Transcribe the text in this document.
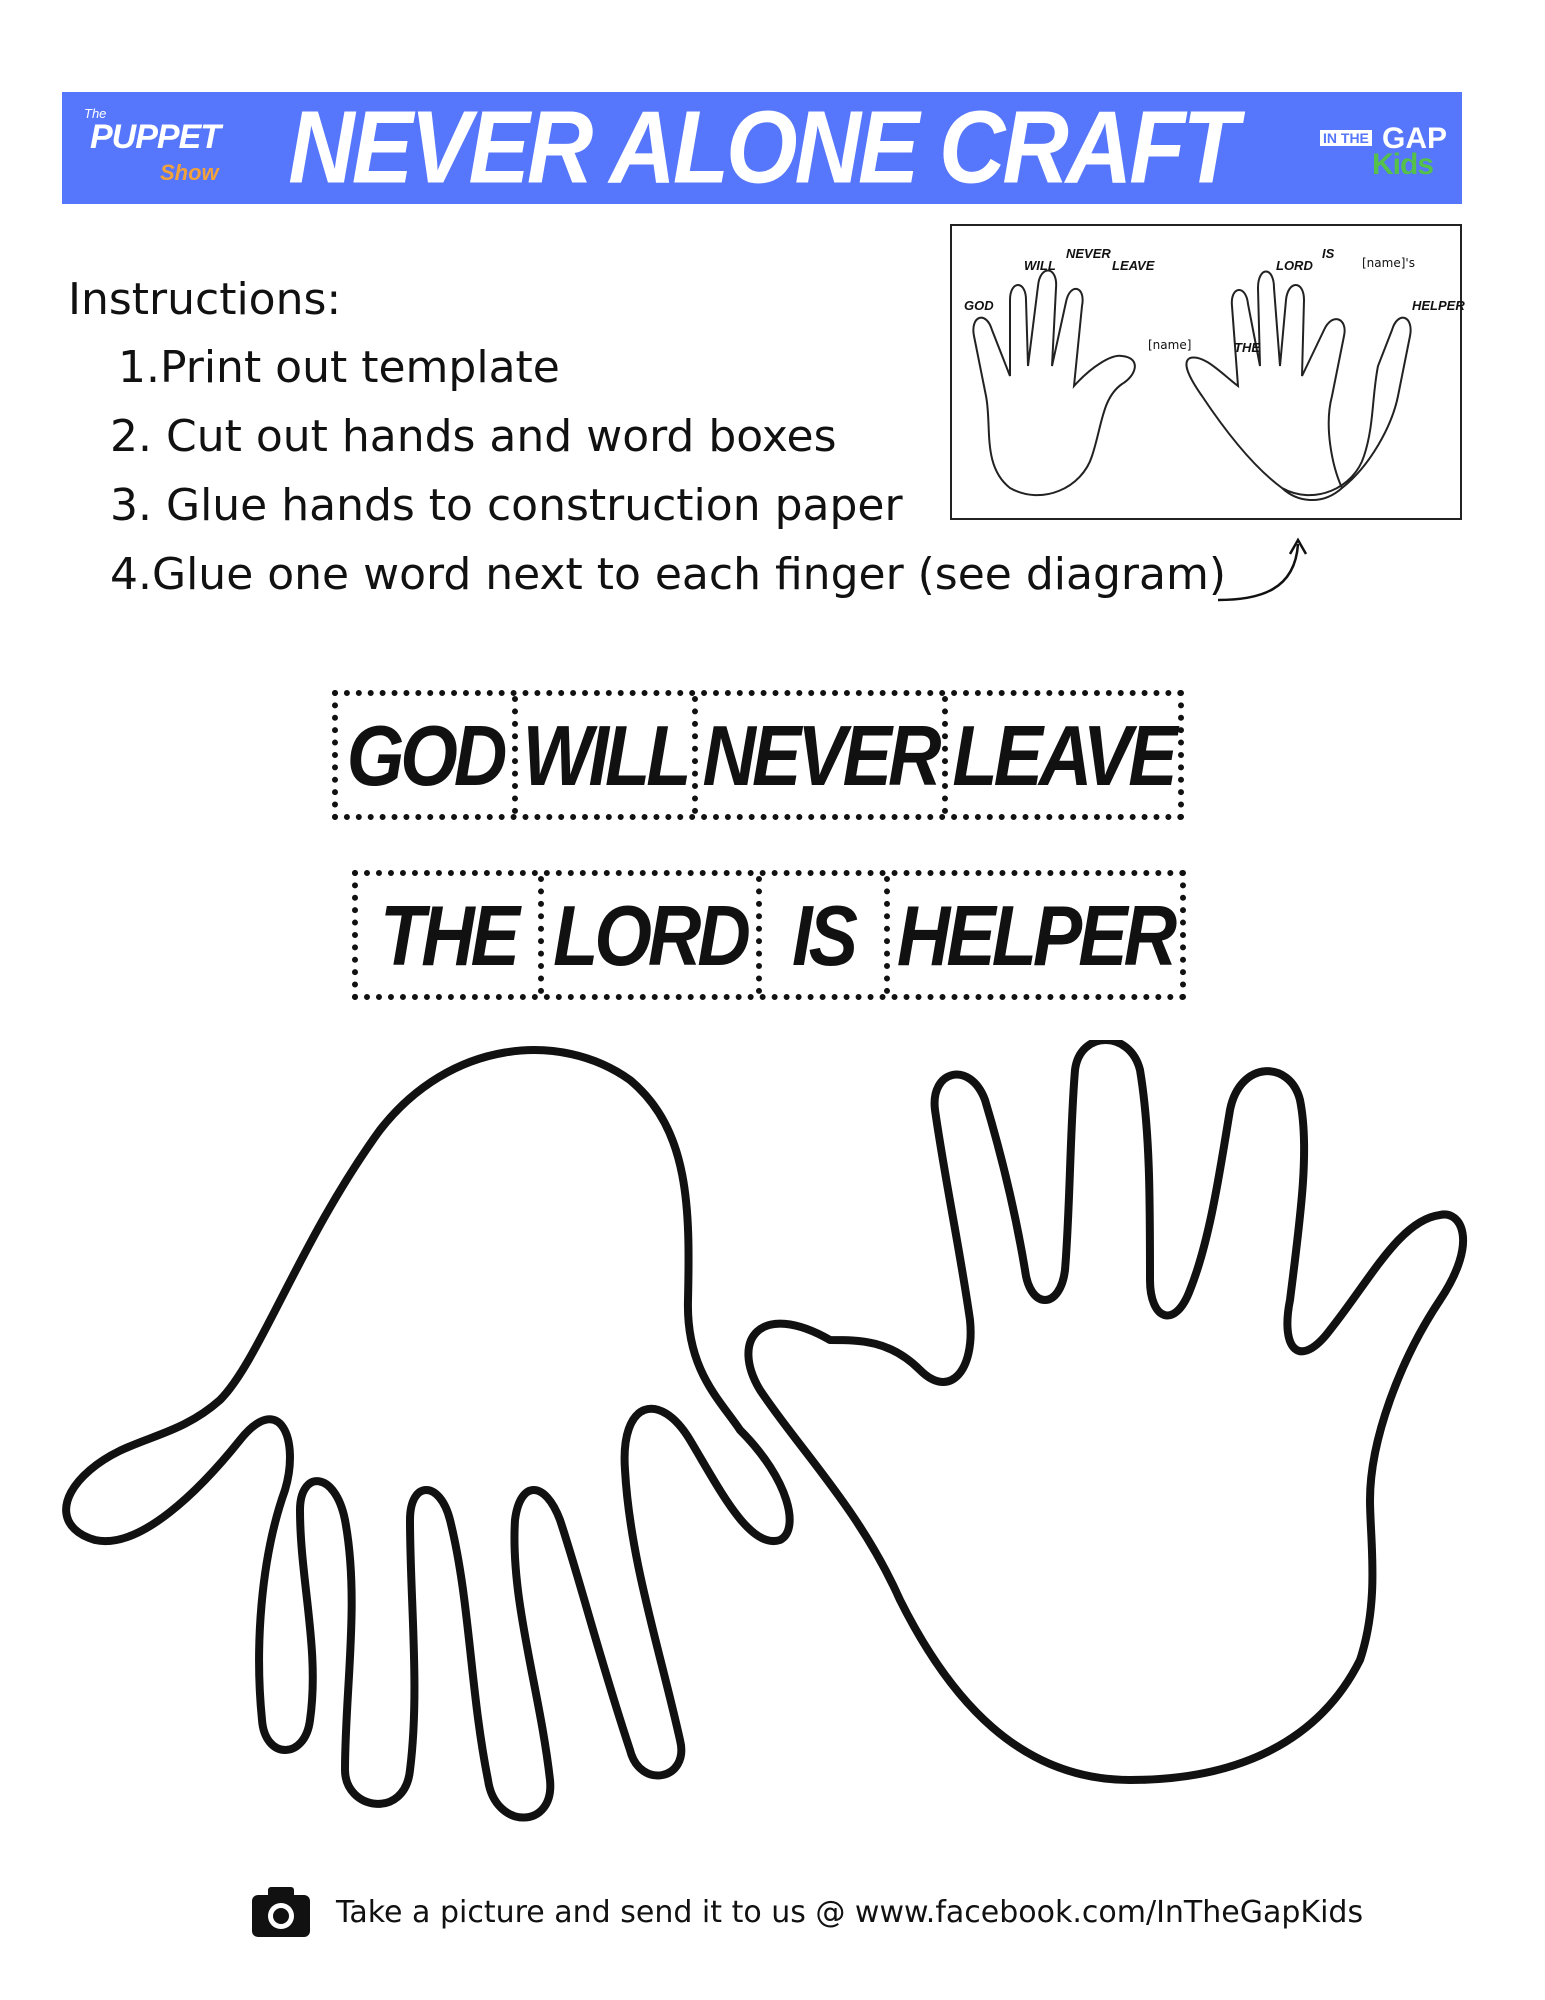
The
PUPPET
Show NEVER ALONE CRAFT	IN THE GAP
Kids
Instructions:
1.Print out template
2. Cut out hands and word boxes
3. Glue hands to construction paper
4.Glue one word next to each finger (see diagram)
GOD
WILL
NEVER
LEAVE
[name]	THE
LORD
IS
[name]'s
HELPER
GOD WILL NEVER LEAVE
THE LORD IS HELPER
Take a picture and send it to us @ www.facebook.com/InTheGapKids
